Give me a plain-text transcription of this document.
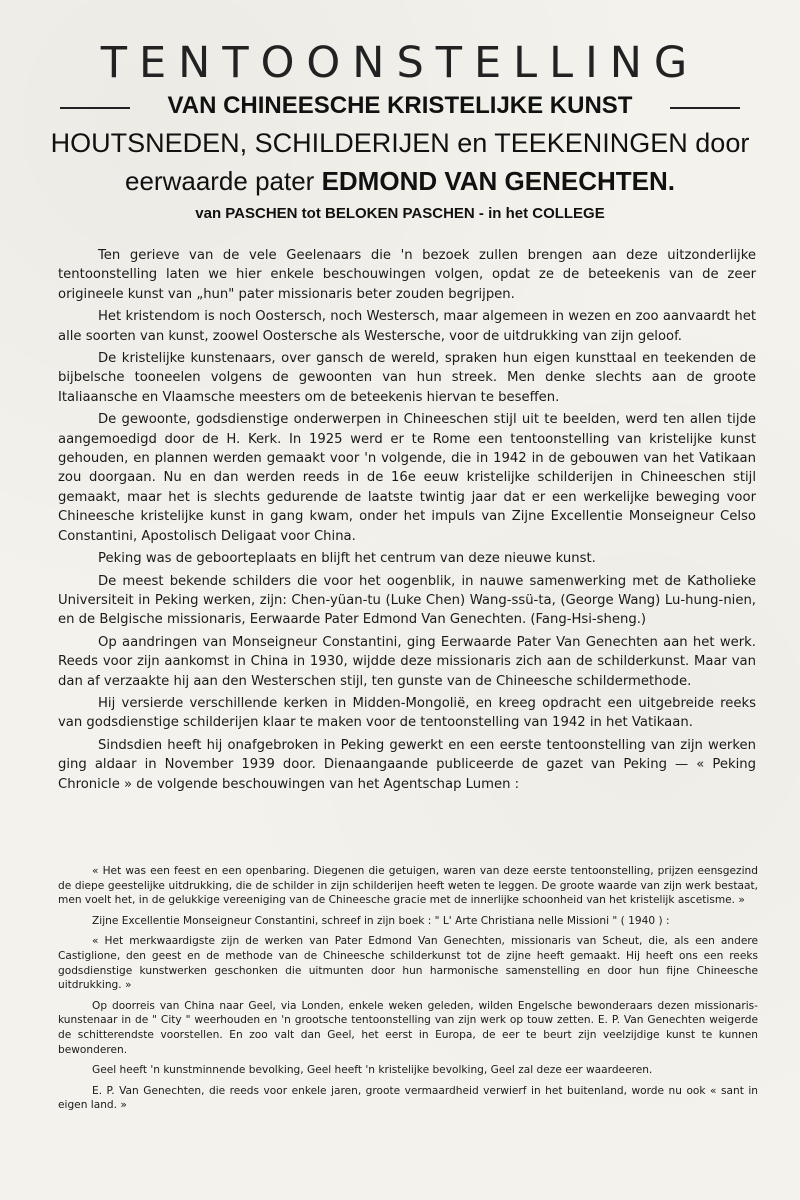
TENTOONSTELLING
VAN CHINEESCHE KRISTELIJKE KUNST
HOUTSNEDEN, SCHILDERIJEN en TEEKENINGEN door
eerwaarde pater EDMOND VAN GENECHTEN.
van PASCHEN tot BELOKEN PASCHEN - in het COLLEGE

Ten gerieve van de vele Geelenaars die 'n bezoek zullen brengen aan deze uitzonderlijke tentoonstelling laten we hier enkele beschouwingen volgen, opdat ze de beteekenis van de zeer origineele kunst van „hun" pater missionaris beter zouden begrijpen.

Het kristendom is noch Oostersch, noch Westersch, maar algemeen in wezen en zoo aanvaardt het alle soorten van kunst, zoowel Oostersche als Westersche, voor de uitdrukking van zijn geloof.

De kristelijke kunstenaars, over gansch de wereld, spraken hun eigen kunsttaal en teekenden de bijbelsche tooneelen volgens de gewoonten van hun streek. Men denke slechts aan de groote Italiaansche en Vlaamsche meesters om de beteekenis hiervan te beseffen.

De gewoonte, godsdienstige onderwerpen in Chineeschen stijl uit te beelden, werd ten allen tijde aangemoedigd door de H. Kerk. In 1925 werd er te Rome een tentoonstelling van kristelijke kunst gehouden, en plannen werden gemaakt voor 'n volgende, die in 1942 in de gebouwen van het Vatikaan zou doorgaan. Nu en dan werden reeds in de 16e eeuw kristelijke schilderijen in Chineeschen stijl gemaakt, maar het is slechts gedurende de laatste twintig jaar dat er een werkelijke beweging voor Chineesche kristelijke kunst in gang kwam, onder het impuls van Zijne Excellentie Monseigneur Celso Constantini, Apostolisch Deligaat voor China.

Peking was de geboorteplaats en blijft het centrum van deze nieuwe kunst.

De meest bekende schilders die voor het oogenblik, in nauwe samenwerking met de Katholieke Universiteit in Peking werken, zijn: Chen-yüan-tu (Luke Chen) Wang-ssü-ta, (George Wang) Lu-hung-nien, en de Belgische missionaris, Eerwaarde Pater Edmond Van Genechten. (Fang-Hsi-sheng.)

Op aandringen van Monseigneur Constantini, ging Eerwaarde Pater Van Genechten aan het werk. Reeds voor zijn aankomst in China in 1930, wijdde deze missionaris zich aan de schilderkunst. Maar van dan af verzaakte hij aan den Westerschen stijl, ten gunste van de Chineesche schildermethode.

Hij versierde verschillende kerken in Midden-Mongolië, en kreeg opdracht een uitgebreide reeks van godsdienstige schilderijen klaar te maken voor de tentoonstelling van 1942 in het Vatikaan.

Sindsdien heeft hij onafgebroken in Peking gewerkt en een eerste tentoonstelling van zijn werken ging aldaar in November 1939 door. Dienaangaande publiceerde de gazet van Peking — « Peking Chronicle » de volgende beschouwingen van het Agentschap Lumen :

« Het was een feest en een openbaring. Diegenen die getuigen, waren van deze eerste tentoonstelling, prijzen eensgezind de diepe geestelijke uitdrukking, die de schilder in zijn schilderijen heeft weten te leggen. De groote waarde van zijn werk bestaat, men voelt het, in de gelukkige vereeniging van de Chineesche gracie met de innerlijke schoonheid van het kristelijk ascetisme. »

Zijne Excellentie Monseigneur Constantini, schreef in zijn boek : " L' Arte Christiana nelle Missioni " ( 1940 ) :

« Het merkwaardigste zijn de werken van Pater Edmond Van Genechten, missionaris van Scheut, die, als een andere Castiglione, den geest en de methode van de Chineesche schilderkunst tot de zijne heeft gemaakt. Hij heeft ons een reeks godsdienstige kunstwerken geschonken die uitmunten door hun harmonische samenstelling en door hun fijne Chineesche uitdrukking. »

Op doorreis van China naar Geel, via Londen, enkele weken geleden, wilden Engelsche bewonderaars dezen missionaris-kunstenaar in de " City " weerhouden en 'n grootsche tentoonstelling van zijn werk op touw zetten. E. P. Van Genechten weigerde de schitterendste voorstellen. En zoo valt dan Geel, het eerst in Europa, de eer te beurt zijn veelzijdige kunst te kunnen bewonderen.

Geel heeft 'n kunstminnende bevolking, Geel heeft 'n kristelijke bevolking, Geel zal deze eer waardeeren.

E. P. Van Genechten, die reeds voor enkele jaren, groote vermaardheid verwierf in het buitenland, worde nu ook « sant in eigen land. »
